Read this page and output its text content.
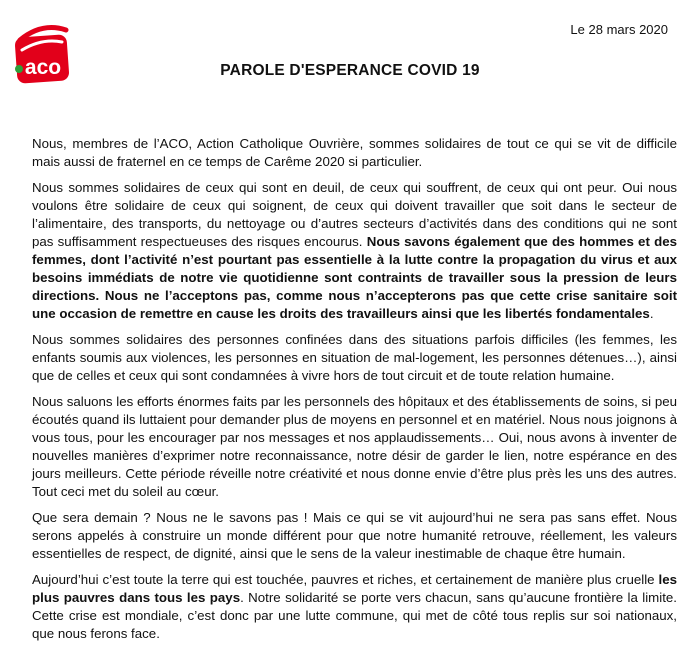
aco
Le 28 mars 2020
PAROLE D'ESPERANCE COVID 19

Nous, membres de l’ACO, Action Catholique Ouvrière, sommes solidaires de tout ce qui se vit de difficile mais aussi de fraternel en ce temps de Carême 2020 si particulier.

Nous sommes solidaires de ceux qui sont en deuil, de ceux qui souffrent, de ceux qui ont peur. Oui nous voulons être solidaire de ceux qui soignent, de ceux qui doivent travailler que soit dans le secteur de l’alimentaire, des transports, du nettoyage ou d’autres secteurs d’activités dans des conditions qui ne sont pas suffisamment respectueuses des risques encourus. Nous savons également que des hommes et des femmes, dont l’activité n’est pourtant pas essentielle à la lutte contre la propagation du virus et aux besoins immédiats de notre vie quotidienne sont contraints de travailler sous la pression de leurs directions. Nous ne l’acceptons pas, comme nous n’accepterons pas que cette crise sanitaire soit une occasion de remettre en cause les droits des travailleurs ainsi que les libertés fondamentales.

Nous sommes solidaires des personnes confinées dans des situations parfois difficiles (les femmes, les enfants soumis aux violences, les personnes en situation de mal-logement, les personnes détenues…), ainsi que de celles et ceux qui sont condamnées à vivre hors de tout circuit et de toute relation humaine.

Nous saluons les efforts énormes faits par les personnels des hôpitaux et des établissements de soins, si peu écoutés quand ils luttaient pour demander plus de moyens en personnel et en matériel. Nous nous joignons à vous tous, pour les encourager par nos messages et nos applaudissements… Oui, nous avons à inventer de nouvelles manières d’exprimer notre reconnaissance, notre désir de garder le lien, notre espérance en des jours meilleurs. Cette période réveille notre créativité et nous donne envie d’être plus près les uns des autres. Tout ceci met du soleil au cœur.

Que sera demain ? Nous ne le savons pas ! Mais ce qui se vit aujourd’hui ne sera pas sans effet. Nous serons appelés à construire un monde différent pour que notre humanité retrouve, réellement, les valeurs essentielles de respect, de dignité, ainsi que le sens de la valeur inestimable de chaque être humain.

Aujourd’hui c’est toute la terre qui est touchée, pauvres et riches, et certainement de manière plus cruelle les plus pauvres dans tous les pays. Notre solidarité se porte vers chacun, sans qu’aucune frontière la limite. Cette crise est mondiale, c’est donc par une lutte commune, qui met de côté tous replis sur soi nationaux, que nous ferons face.
